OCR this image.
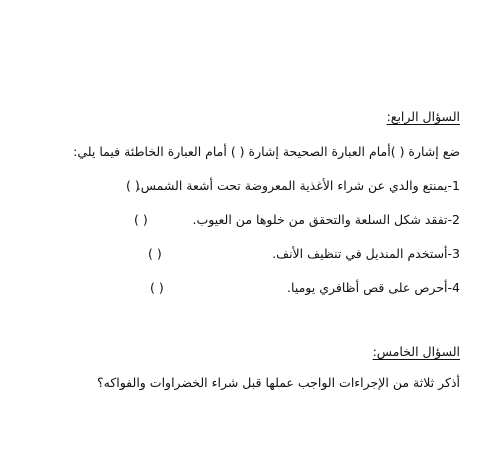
السؤال الرابع:
ضع إشارة ( )أمام العبارة الصحيحة إشارة ( ) أمام العبارة الخاطئة فيما يلي:
1-يمنتع والدي عن شراء الأغذية المعروضة تحت أشعة الشمس.
( )
2-تفقد شكل السلعة والتحقق من خلوها من العيوب.
( )
3-أستخدم المنديل في تنظيف الأنف.
( )
4-أحرص على قص أظافري يوميا.
( )
السؤال الخامس:
أذكر ثلاثة من الإجراءات الواجب عملها قبل شراء الخضراوات والفواكه؟
